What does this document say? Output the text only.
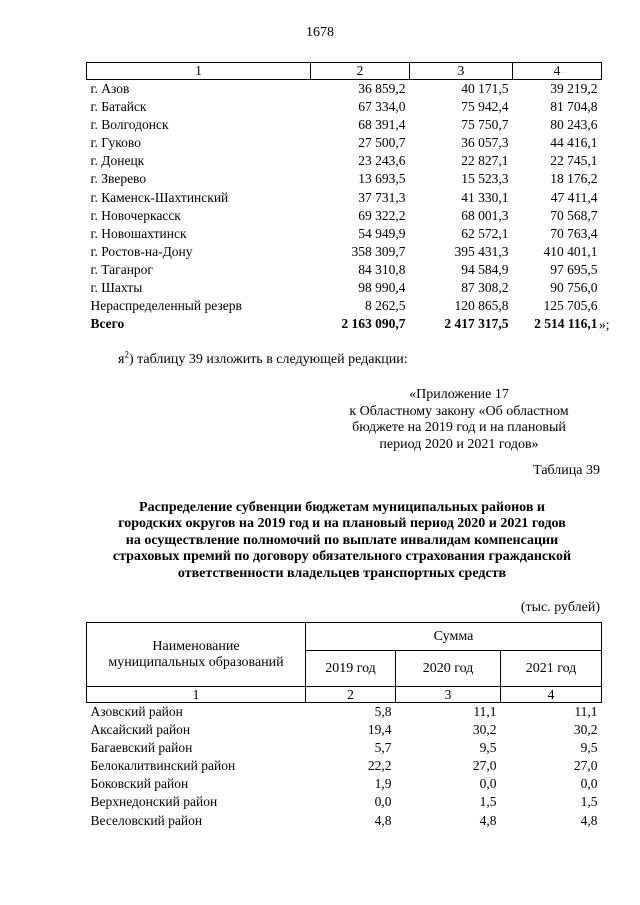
1678
1	2	3	4
г. Азов	36 859,2	40 171,5	39 219,2
г. Батайск	67 334,0	75 942,4	81 704,8
г. Волгодонск	68 391,4	75 750,7	80 243,6
г. Гуково	27 500,7	36 057,3	44 416,1
г. Донецк	23 243,6	22 827,1	22 745,1
г. Зверево	13 693,5	15 523,3	18 176,2
г. Каменск-Шахтинский	37 731,3	41 330,1	47 411,4
г. Новочеркасск	69 322,2	68 001,3	70 568,7
г. Новошахтинск	54 949,9	62 572,1	70 763,4
г. Ростов-на-Дону	358 309,7	395 431,3	410 401,1
г. Таганрог	84 310,8	94 584,9	97 695,5
г. Шахты	98 990,4	87 308,2	90 756,0
Нераспределенный резерв	8 262,5	120 865,8	125 705,6
Всего	2 163 090,7	2 417 317,5	2 514 116,1 »;
$я^2$) таблицу 39 изложить в следующей редакции:
«Приложение 17
к Областному закону «Об областном
бюджете на 2019 год и на плановый
период 2020 и 2021 годов»
Таблица 39
Распределение субвенции бюджетам муниципальных районов и
городских округов на 2019 год и на плановый период 2020 и 2021 годов
на осуществление полномочий по выплате инвалидам компенсации
страховых премий по договору обязательного страхования гражданской
ответственности владельцев транспортных средств
(тыс. рублей)
Наименование
муниципальных образований	Сумма		
	2019 год	2020 год	2021 год
1	2	3	4
Азовский район	5,8	11,1	11,1
Аксайский район	19,4	30,2	30,2
Багаевский район	5,7	9,5	9,5
Белокалитвинский район	22,2	27,0	27,0
Боковский район	1,9	0,0	0,0
Верхнедонский район	0,0	1,5	1,5
Веселовский район	4,8	4,8	4,8
